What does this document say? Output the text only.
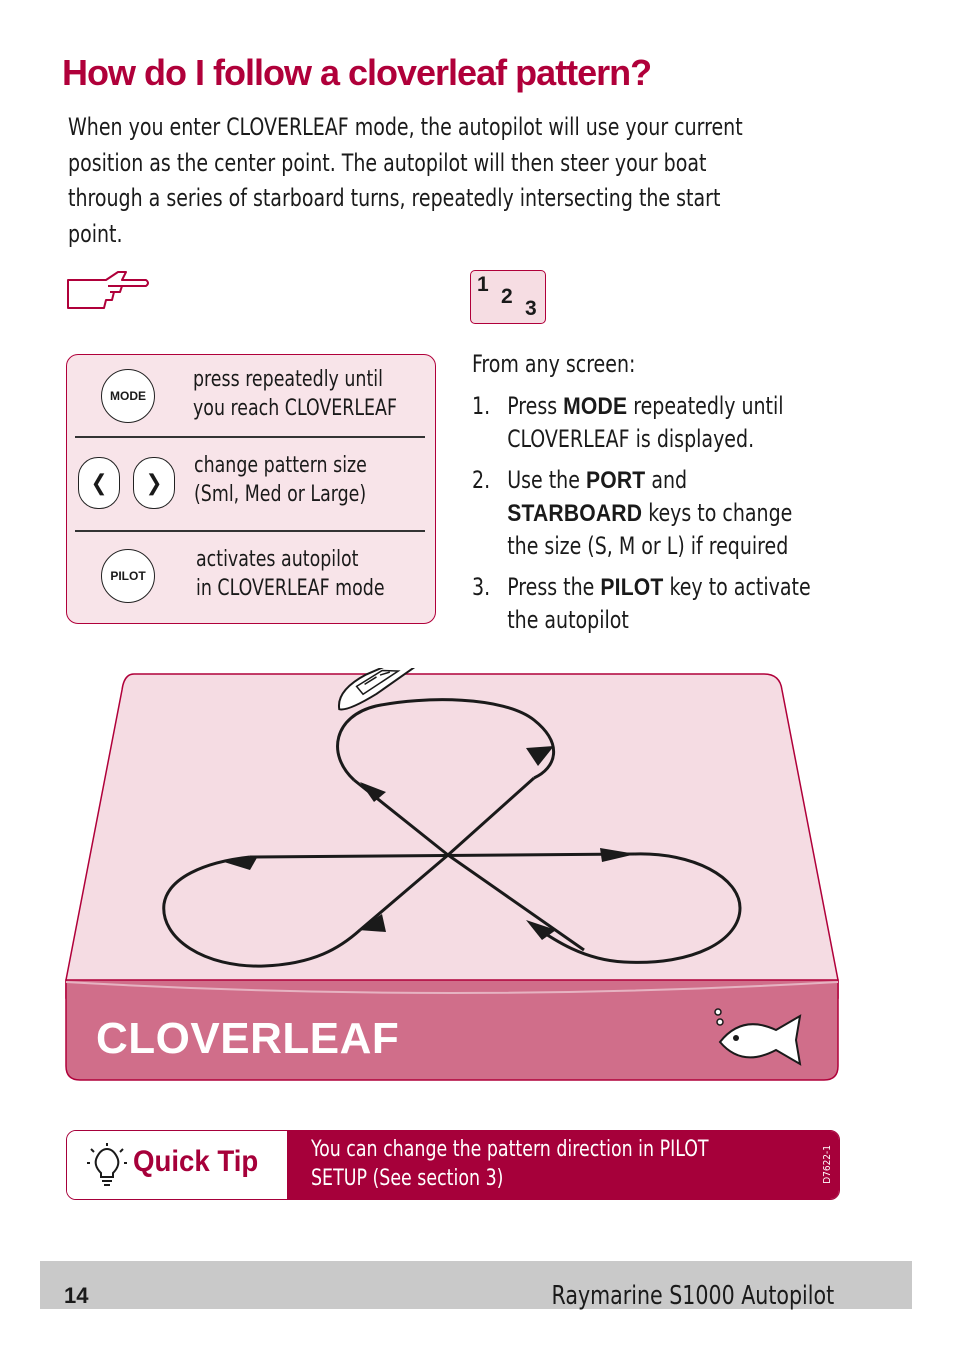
How do I follow a cloverleaf pattern?

When you enter CLOVERLEAF mode, the autopilot will use your current position as the center point. The autopilot will then steer your boat through a series of starboard turns, repeatedly intersecting the start point.

1
2
3
MODE
press repeatedly until
you reach CLOVERLEAF
❮	❯
change pattern size
(Sml, Med or Large)
PILOT
activates autopilot
in CLOVERLEAF mode

From any screen:

1. Press MODE repeatedly until CLOVERLEAF is displayed.
2. Use the PORT and STARBOARD keys to change the size (S, M or L) if required
3. Press the PILOT key to activate the autopilot
CLOVERLEAF
Quick Tip You can change the pattern direction in PILOT SETUP (See section 3)	D7622-1
14	Raymarine S1000 Autopilot
